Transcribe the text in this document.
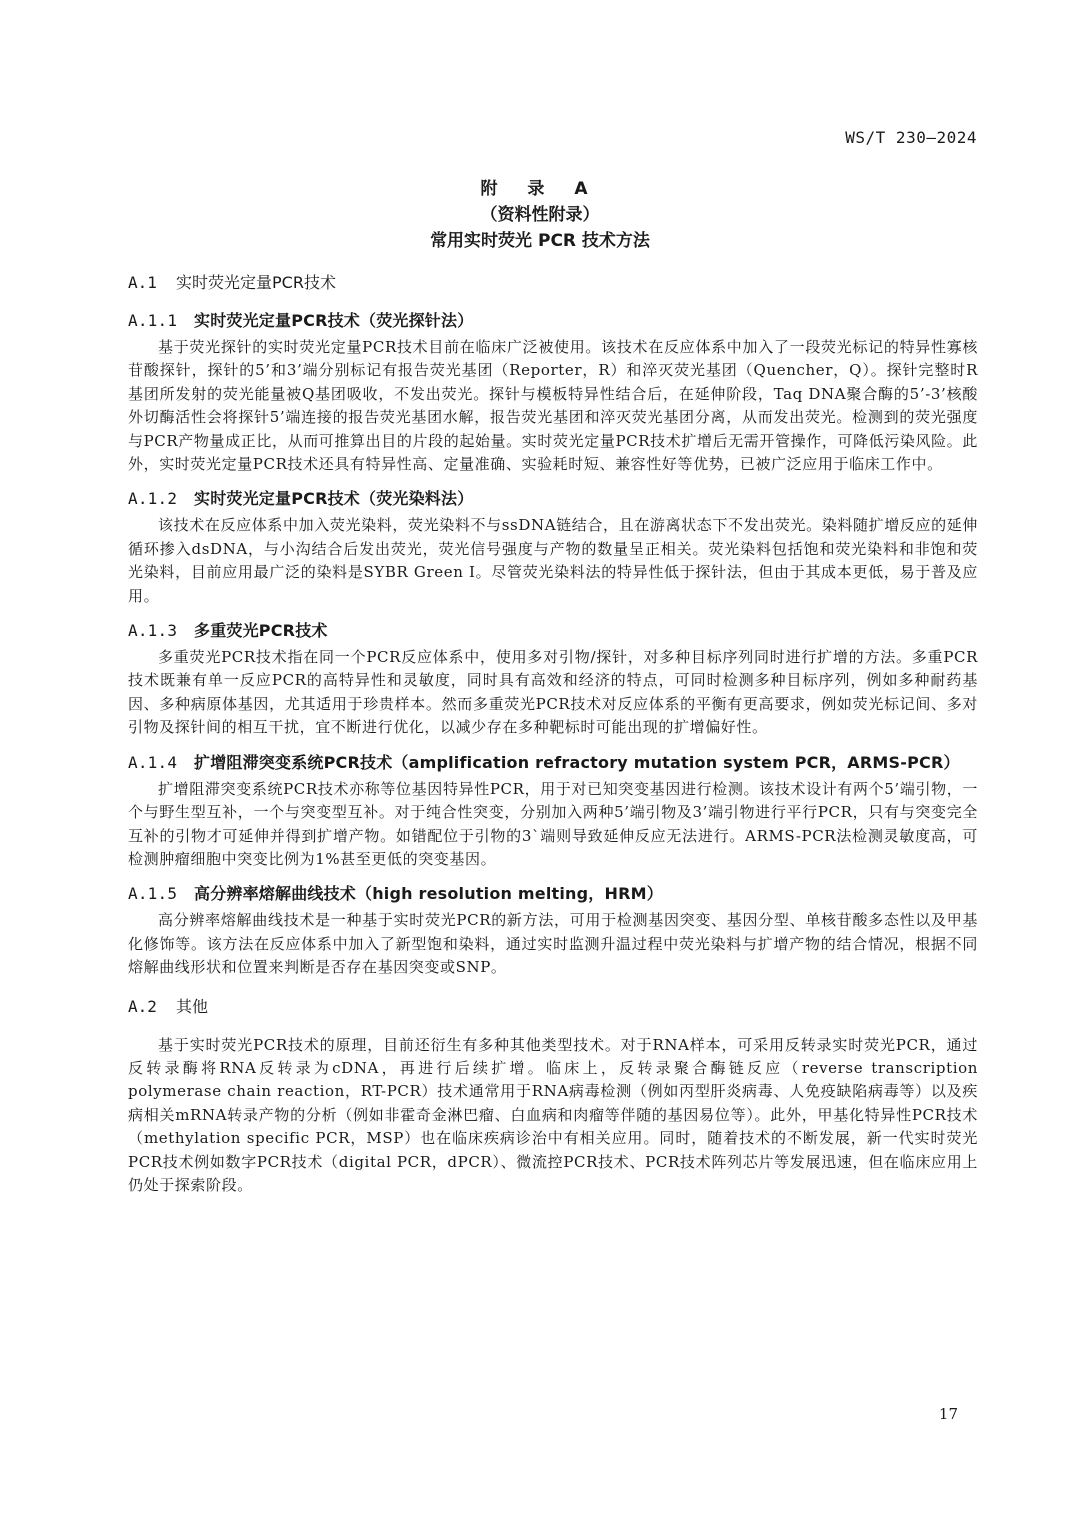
WS/T 230—2024
附 录 A
（资料性附录）
常用实时荧光 PCR 技术方法
A.1 实时荧光定量PCR技术
A.1.1 实时荧光定量PCR技术（荧光探针法）

基于荧光探针的实时荧光定量PCR技术目前在临床广泛被使用。该技术在反应体系中加入了一段荧光标记的特异性寡核苷酸探针，探针的5’和3’端分别标记有报告荧光基团（Reporter，R）和淬灭荧光基团（Quencher，Q）。探针完整时R基团所发射的荧光能量被Q基团吸收，不发出荧光。探针与模板特异性结合后，在延伸阶段，Taq DNA聚合酶的5’-3’核酸外切酶活性会将探针5’端连接的报告荧光基团水解，报告荧光基团和淬灭荧光基团分离，从而发出荧光。检测到的荧光强度与PCR产物量成正比，从而可推算出目的片段的起始量。实时荧光定量PCR技术扩增后无需开管操作，可降低污染风险。此外，实时荧光定量PCR技术还具有特异性高、定量准确、实验耗时短、兼容性好等优势，已被广泛应用于临床工作中。

A.1.2 实时荧光定量PCR技术（荧光染料法）

该技术在反应体系中加入荧光染料，荧光染料不与ssDNA链结合，且在游离状态下不发出荧光。染料随扩增反应的延伸循环掺入dsDNA，与小沟结合后发出荧光，荧光信号强度与产物的数量呈正相关。荧光染料包括饱和荧光染料和非饱和荧光染料，目前应用最广泛的染料是SYBR Green I。尽管荧光染料法的特异性低于探针法，但由于其成本更低，易于普及应用。

A.1.3 多重荧光PCR技术

多重荧光PCR技术指在同一个PCR反应体系中，使用多对引物/探针，对多种目标序列同时进行扩增的方法。多重PCR技术既兼有单一反应PCR的高特异性和灵敏度，同时具有高效和经济的特点，可同时检测多种目标序列，例如多种耐药基因、多种病原体基因，尤其适用于珍贵样本。然而多重荧光PCR技术对反应体系的平衡有更高要求，例如荧光标记间、多对引物及探针间的相互干扰，宜不断进行优化，以减少存在多种靶标时可能出现的扩增偏好性。

A.1.4 扩增阻滞突变系统PCR技术（amplification refractory mutation system PCR，ARMS-PCR）

扩增阻滞突变系统PCR技术亦称等位基因特异性PCR，用于对已知突变基因进行检测。该技术设计有两个5’端引物，一个与野生型互补，一个与突变型互补。对于纯合性突变，分别加入两种5’端引物及3’端引物进行平行PCR，只有与突变完全互补的引物才可延伸并得到扩增产物。如错配位于引物的3`端则导致延伸反应无法进行。ARMS-PCR法检测灵敏度高，可检测肿瘤细胞中突变比例为1%甚至更低的突变基因。

A.1.5 高分辨率熔解曲线技术（high resolution melting，HRM）

高分辨率熔解曲线技术是一种基于实时荧光PCR的新方法，可用于检测基因突变、基因分型、单核苷酸多态性以及甲基化修饰等。该方法在反应体系中加入了新型饱和染料，通过实时监测升温过程中荧光染料与扩增产物的结合情况，根据不同熔解曲线形状和位置来判断是否存在基因突变或SNP。

A.2 其他

基于实时荧光PCR技术的原理，目前还衍生有多种其他类型技术。对于RNA样本，可采用反转录实时荧光PCR，通过反转录酶将RNA反转录为cDNA，再进行后续扩增。临床上，反转录聚合酶链反应（reverse transcription polymerase chain reaction，RT-PCR）技术通常用于RNA病毒检测（例如丙型肝炎病毒、人免疫缺陷病毒等）以及疾病相关mRNA转录产物的分析（例如非霍奇金淋巴瘤、白血病和肉瘤等伴随的基因易位等）。此外，甲基化特异性PCR技术（methylation specific PCR，MSP）也在临床疾病诊治中有相关应用。同时，随着技术的不断发展，新一代实时荧光PCR技术例如数字PCR技术（digital PCR，dPCR）、微流控PCR技术、PCR技术阵列芯片等发展迅速，但在临床应用上仍处于探索阶段。

17
